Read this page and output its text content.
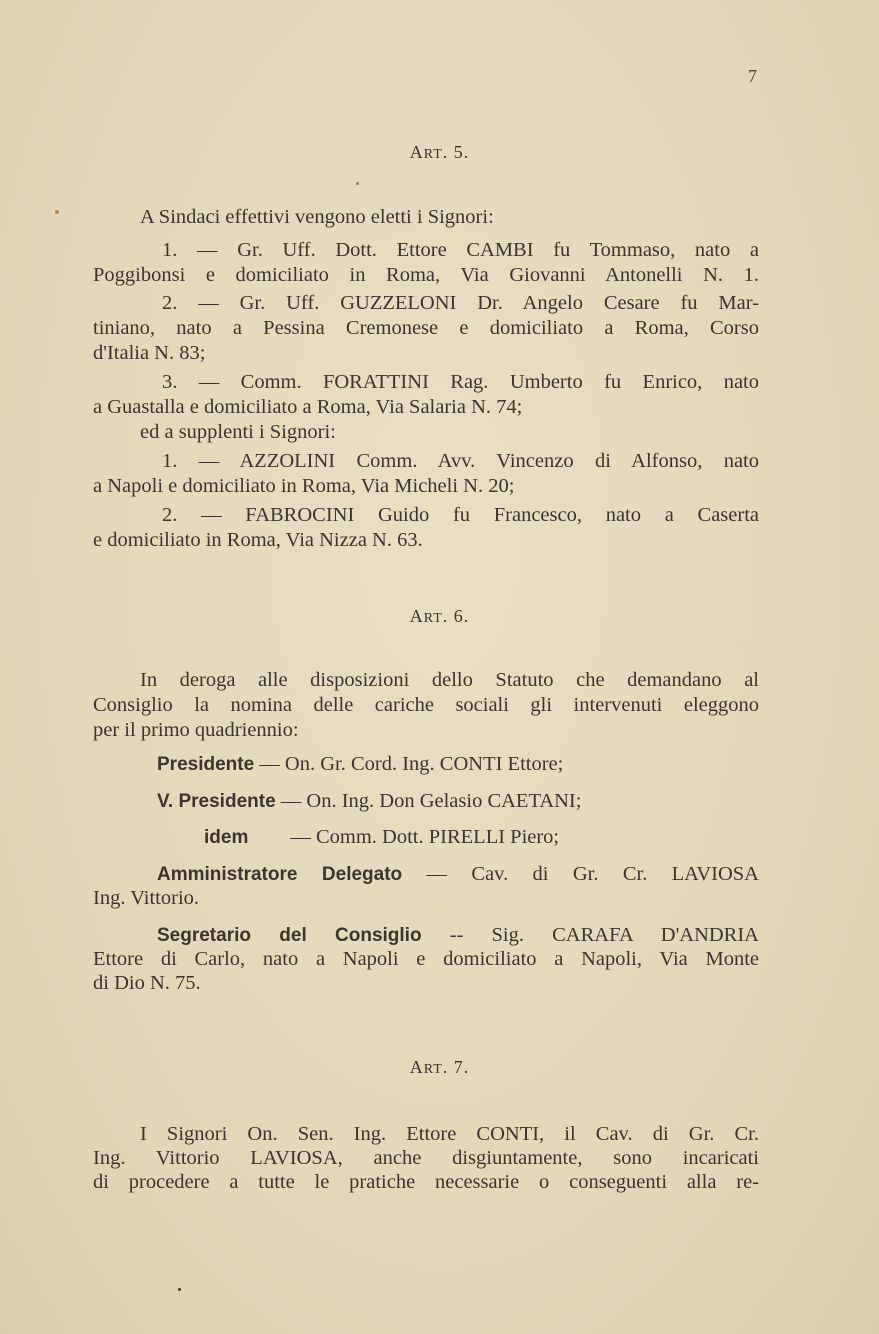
7
ART. 5.
A Sindaci effettivi vengono eletti i Signori:
1. — Gr. Uff. Dott. Ettore CAMBI fu Tommaso, nato a
Poggibonsi e domiciliato in Roma, Via Giovanni Antonelli N. 1.
2. — Gr. Uff. GUZZELONI Dr. Angelo Cesare fu Mar-
tiniano, nato a Pessina Cremonese e domiciliato a Roma, Corso
d'Italia N. 83;
3. — Comm. FORATTINI Rag. Umberto fu Enrico, nato
a Guastalla e domiciliato a Roma, Via Salaria N. 74;
ed a supplenti i Signori:
1. — AZZOLINI Comm. Avv. Vincenzo di Alfonso, nato
a Napoli e domiciliato in Roma, Via Micheli N. 20;
2. — FABROCINI Guido fu Francesco, nato a Caserta
e domiciliato in Roma, Via Nizza N. 63.
ART. 6.
In deroga alle disposizioni dello Statuto che demandano al
Consiglio la nomina delle cariche sociali gli intervenuti eleggono
per il primo quadriennio:
Presidente — On. Gr. Cord. Ing. CONTI Ettore;
V. Presidente — On. Ing. Don Gelasio CAETANI;
idem — Comm. Dott. PIRELLI Piero;
Amministratore Delegato — Cav. di Gr. Cr. LAVIOSA
Ing. Vittorio.
Segretario del Consiglio -- Sig. CARAFA D'ANDRIA
Ettore di Carlo, nato a Napoli e domiciliato a Napoli, Via Monte
di Dio N. 75.
ART. 7.
I Signori On. Sen. Ing. Ettore CONTI, il Cav. di Gr. Cr.
Ing. Vittorio LAVIOSA, anche disgiuntamente, sono incaricati
di procedere a tutte le pratiche necessarie o conseguenti alla re-
